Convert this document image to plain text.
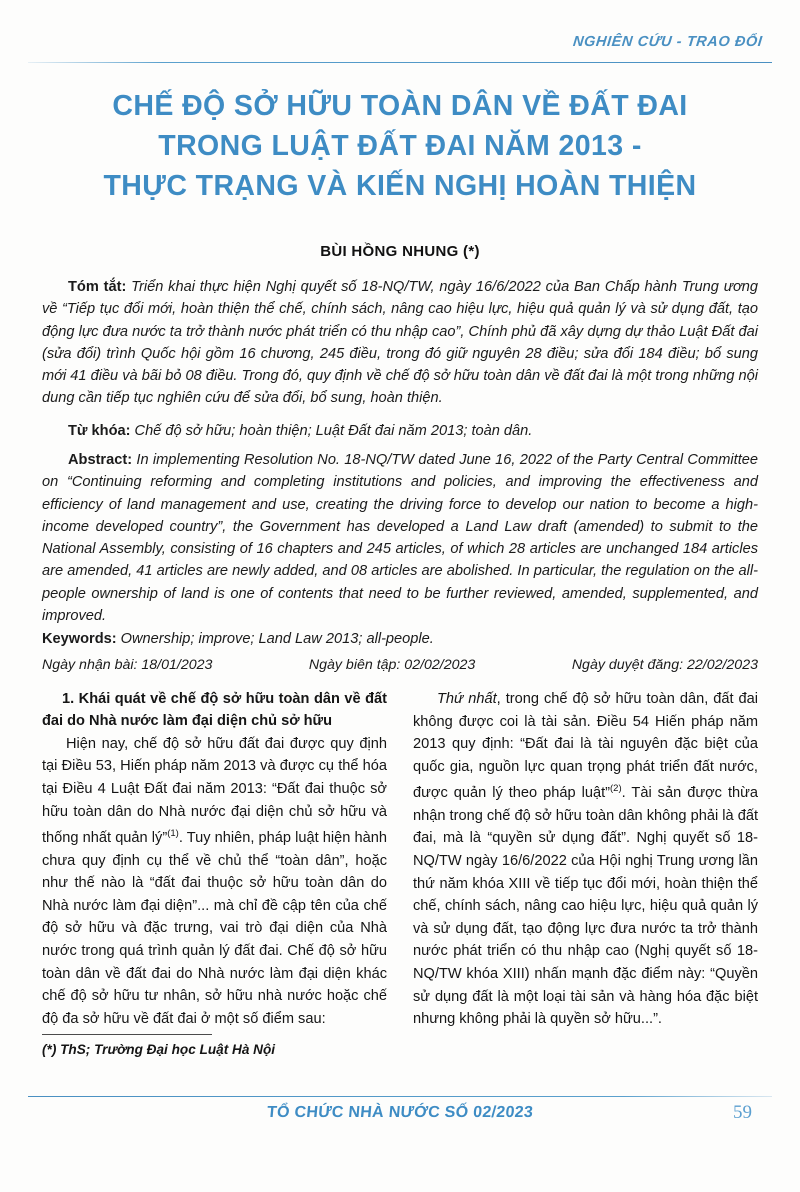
NGHIÊN CỨU - TRAO ĐỔI
CHẾ ĐỘ SỞ HỮU TOÀN DÂN VỀ ĐẤT ĐAI
TRONG LUẬT ĐẤT ĐAI NĂM 2013 -
THỰC TRẠNG VÀ KIẾN NGHỊ HOÀN THIỆN
BÙI HỒNG NHUNG (*)

Tóm tắt: Triển khai thực hiện Nghị quyết số 18-NQ/TW, ngày 16/6/2022 của Ban Chấp hành Trung ương về “Tiếp tục đổi mới, hoàn thiện thể chế, chính sách, nâng cao hiệu lực, hiệu quả quản lý và sử dụng đất, tạo động lực đưa nước ta trở thành nước phát triển có thu nhập cao”, Chính phủ đã xây dựng dự thảo Luật Đất đai (sửa đổi) trình Quốc hội gồm 16 chương, 245 điều, trong đó giữ nguyên 28 điều; sửa đổi 184 điều; bổ sung mới 41 điều và bãi bỏ 08 điều. Trong đó, quy định về chế độ sở hữu toàn dân về đất đai là một trong những nội dung cần tiếp tục nghiên cứu để sửa đổi, bổ sung, hoàn thiện.

Từ khóa: Chế độ sở hữu; hoàn thiện; Luật Đất đai năm 2013; toàn dân.

Abstract: In implementing Resolution No. 18-NQ/TW dated June 16, 2022 of the Party Central Committee on “Continuing reforming and completing institutions and policies, and improving the effectiveness and efficiency of land management and use, creating the driving force to develop our nation to become a high-income developed country”, the Government has developed a Land Law draft (amended) to submit to the National Assembly, consisting of 16 chapters and 245 articles, of which 28 articles are unchanged 184 articles are amended, 41 articles are newly added, and 08 articles are abolished. In particular, the regulation on the all-people ownership of land is one of contents that need to be further reviewed, amended, supplemented, and improved.

Keywords: Ownership; improve; Land Law 2013; all-people.

Ngày nhận bài: 18/01/2023	Ngày biên tập: 02/02/2023	Ngày duyệt đăng: 22/02/2023

1. Khái quát về chế độ sở hữu toàn dân về đất đai do Nhà nước làm đại diện chủ sở hữu

Hiện nay, chế độ sở hữu đất đai được quy định tại Điều 53, Hiến pháp năm 2013 và được cụ thể hóa tại Điều 4 Luật Đất đai năm 2013: “Đất đai thuộc sở hữu toàn dân do Nhà nước đại diện chủ sở hữu và thống nhất quản lý”$^{(1)}$. Tuy nhiên, pháp luật hiện hành chưa quy định cụ thể về chủ thể “toàn dân”, hoặc như thế nào là “đất đai thuộc sở hữu toàn dân do Nhà nước làm đại diện”... mà chỉ đề cập tên của chế độ sở hữu và đặc trưng, vai trò đại diện của Nhà nước trong quá trình quản lý đất đai. Chế độ sở hữu toàn dân về đất đai do Nhà nước làm đại diện khác chế độ sở hữu tư nhân, sở hữu nhà nước hoặc chế độ đa sở hữu về đất đai ở một số điểm sau:

Thứ nhất, trong chế độ sở hữu toàn dân, đất đai không được coi là tài sản. Điều 54 Hiến pháp năm 2013 quy định: “Đất đai là tài nguyên đặc biệt của quốc gia, nguồn lực quan trọng phát triển đất nước, được quản lý theo pháp luật”$^{(2)}$. Tài sản được thừa nhận trong chế độ sở hữu toàn dân không phải là đất đai, mà là “quyền sử dụng đất”. Nghị quyết số 18-NQ/TW ngày 16/6/2022 của Hội nghị Trung ương lần thứ năm khóa XIII về tiếp tục đổi mới, hoàn thiện thể chế, chính sách, nâng cao hiệu lực, hiệu quả quản lý và sử dụng đất, tạo động lực đưa nước ta trở thành nước phát triển có thu nhập cao (Nghị quyết số 18-NQ/TW khóa XIII) nhấn mạnh đặc điểm này: “Quyền sử dụng đất là một loại tài sản và hàng hóa đặc biệt nhưng không phải là quyền sở hữu...”.

(*) ThS; Trường Đại học Luật Hà Nội
TỔ CHỨC NHÀ NƯỚC SỐ 02/2023	59
